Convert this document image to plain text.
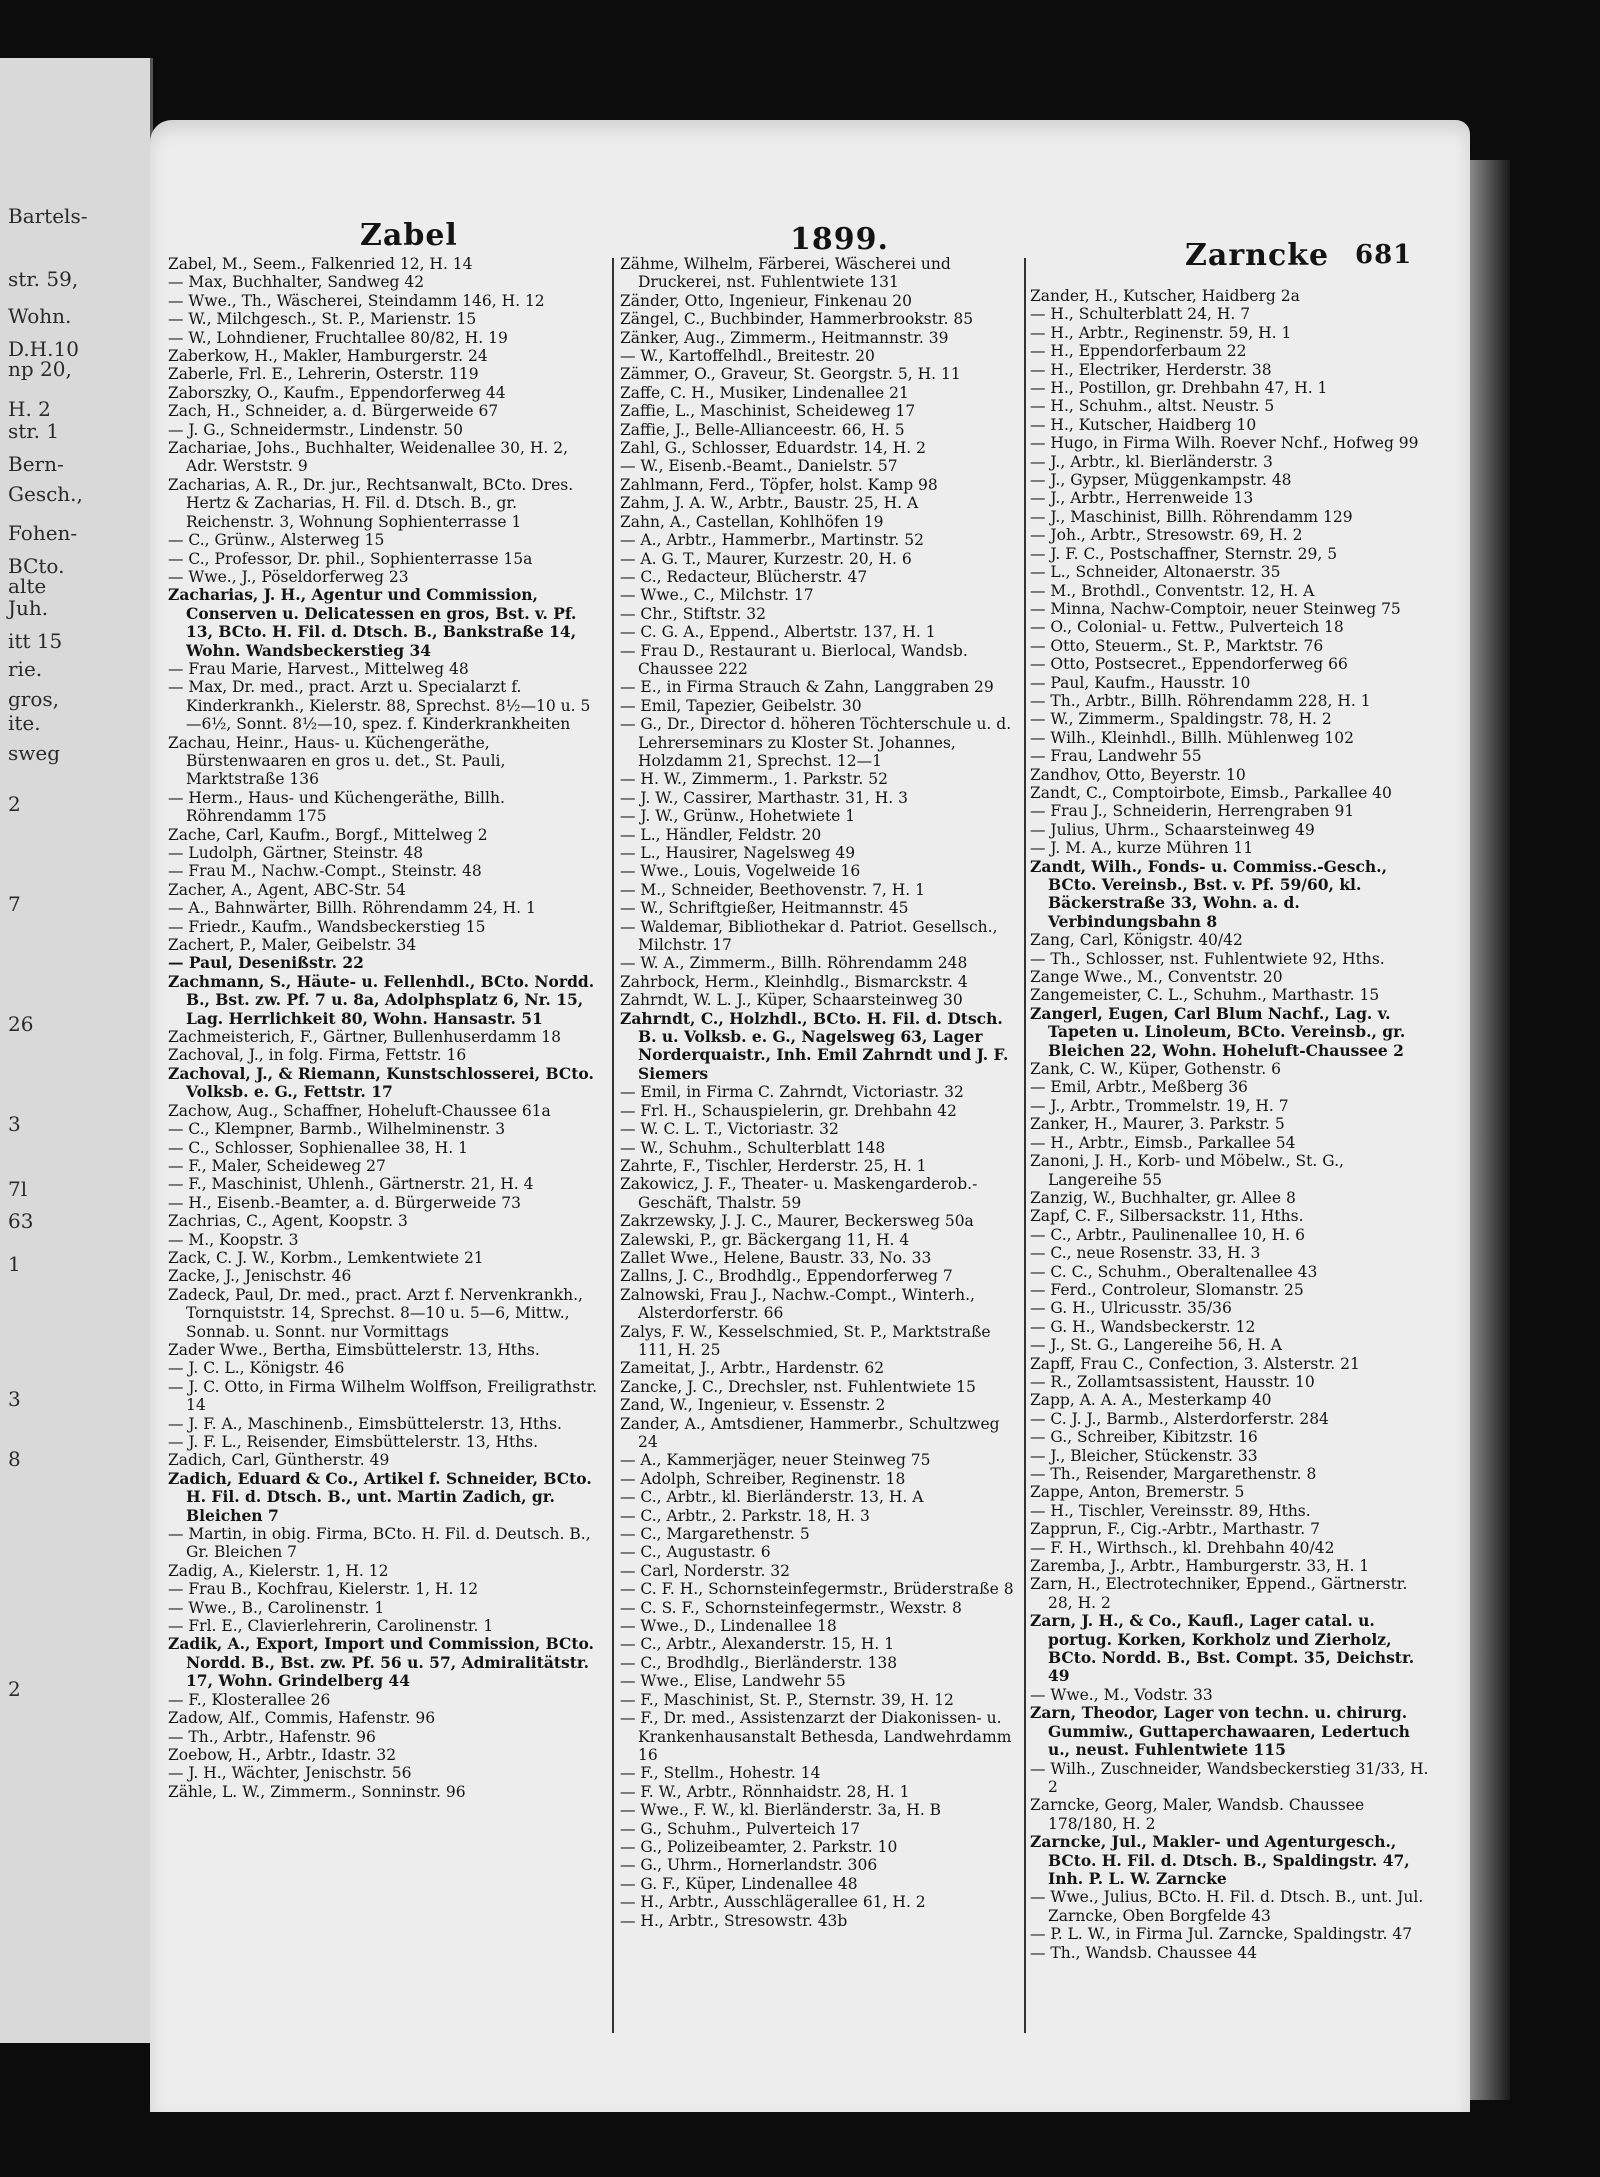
Bartels-
str. 59,
Wohn.
D.H.10
np 20,
H. 2
str. 1
Bern-
Gesch.,
Fohen-
BCto.
alte
Juh.
itt 15
rie.
gros,
ite.
sweg
2
7
26
3
7l
63
1
3
8
2
Zabel	1899.	Zarncke 681

Zabel, M., Seem., Falkenried 12, H. 14

— Max, Buchhalter, Sandweg 42

— Wwe., Th., Wäscherei, Steindamm 146, H. 12

— W., Milchgesch., St. P., Marienstr. 15

— W., Lohndiener, Fruchtallee 80/82, H. 19

Zaberkow, H., Makler, Hamburgerstr. 24

Zaberle, Frl. E., Lehrerin, Osterstr. 119

Zaborszky, O., Kaufm., Eppendorferweg 44

Zach, H., Schneider, a. d. Bürgerweide 67

— J. G., Schneidermstr., Lindenstr. 50

Zachariae, Johs., Buchhalter, Weidenallee 30, H. 2, Adr. Werststr. 9

Zacharias, A. R., Dr. jur., Rechtsanwalt, BCto. Dres. Hertz & Zacharias, H. Fil. d. Dtsch. B., gr. Reichenstr. 3, Wohnung Sophienterrasse 1

— C., Grünw., Alsterweg 15

— C., Professor, Dr. phil., Sophienterrasse 15a

— Wwe., J., Pöseldorferweg 23

Zacharias, J. H., Agentur und Commission, Conserven u. Delicatessen en gros, Bst. v. Pf. 13, BCto. H. Fil. d. Dtsch. B., Bankstraße 14, Wohn. Wandsbeckerstieg 34

— Frau Marie, Harvest., Mittelweg 48

— Max, Dr. med., pract. Arzt u. Specialarzt f. Kinderkrankh., Kielerstr. 88, Sprechst. 8½—10 u. 5—6½, Sonnt. 8½—10, spez. f. Kinderkrankheiten

Zachau, Heinr., Haus- u. Küchengeräthe, Bürstenwaaren en gros u. det., St. Pauli, Marktstraße 136

— Herm., Haus- und Küchengeräthe, Billh. Röhrendamm 175

Zache, Carl, Kaufm., Borgf., Mittelweg 2

— Ludolph, Gärtner, Steinstr. 48

— Frau M., Nachw.-Compt., Steinstr. 48

Zacher, A., Agent, ABC-Str. 54

— A., Bahnwärter, Billh. Röhrendamm 24, H. 1

— Friedr., Kaufm., Wandsbeckerstieg 15

Zachert, P., Maler, Geibelstr. 34

— Paul, Desenißstr. 22

Zachmann, S., Häute- u. Fellenhdl., BCto. Nordd. B., Bst. zw. Pf. 7 u. 8a, Adolphsplatz 6, Nr. 15, Lag. Herrlichkeit 80, Wohn. Hansastr. 51

Zachmeisterich, F., Gärtner, Bullenhuserdamm 18

Zachoval, J., in folg. Firma, Fettstr. 16

Zachoval, J., & Riemann, Kunstschlosserei, BCto. Volksb. e. G., Fettstr. 17

Zachow, Aug., Schaffner, Hoheluft-Chaussee 61a

— C., Klempner, Barmb., Wilhelminenstr. 3

— C., Schlosser, Sophienallee 38, H. 1

— F., Maler, Scheideweg 27

— F., Maschinist, Uhlenh., Gärtnerstr. 21, H. 4

— H., Eisenb.-Beamter, a. d. Bürgerweide 73

Zachrias, C., Agent, Koopstr. 3

— M., Koopstr. 3

Zack, C. J. W., Korbm., Lemkentwiete 21

Zacke, J., Jenischstr. 46

Zadeck, Paul, Dr. med., pract. Arzt f. Nervenkrankh., Tornquiststr. 14, Sprechst. 8—10 u. 5—6, Mittw., Sonnab. u. Sonnt. nur Vormittags

Zader Wwe., Bertha, Eimsbüttelerstr. 13, Hths.

— J. C. L., Königstr. 46

— J. C. Otto, in Firma Wilhelm Wolffson, Freiligrathstr. 14

— J. F. A., Maschinenb., Eimsbüttelerstr. 13, Hths.

— J. F. L., Reisender, Eimsbüttelerstr. 13, Hths.

Zadich, Carl, Güntherstr. 49

Zadich, Eduard & Co., Artikel f. Schneider, BCto. H. Fil. d. Dtsch. B., unt. Martin Zadich, gr. Bleichen 7

— Martin, in obig. Firma, BCto. H. Fil. d. Deutsch. B., Gr. Bleichen 7

Zadig, A., Kielerstr. 1, H. 12

— Frau B., Kochfrau, Kielerstr. 1, H. 12

— Wwe., B., Carolinenstr. 1

— Frl. E., Clavierlehrerin, Carolinenstr. 1

Zadik, A., Export, Import und Commission, BCto. Nordd. B., Bst. zw. Pf. 56 u. 57, Admiralitätstr. 17, Wohn. Grindelberg 44

— F., Klosterallee 26

Zadow, Alf., Commis, Hafenstr. 96

— Th., Arbtr., Hafenstr. 96

Zoebow, H., Arbtr., Idastr. 32

— J. H., Wächter, Jenischstr. 56

Zähle, L. W., Zimmerm., Sonninstr. 96

Zähme, Wilhelm, Färberei, Wäscherei und Druckerei, nst. Fuhlentwiete 131

Zänder, Otto, Ingenieur, Finkenau 20

Zängel, C., Buchbinder, Hammerbrookstr. 85

Zänker, Aug., Zimmerm., Heitmannstr. 39

— W., Kartoffelhdl., Breitestr. 20

Zämmer, O., Graveur, St. Georgstr. 5, H. 11

Zaffe, C. H., Musiker, Lindenallee 21

Zaffie, L., Maschinist, Scheideweg 17

Zaffie, J., Belle-Allianceestr. 66, H. 5

Zahl, G., Schlosser, Eduardstr. 14, H. 2

— W., Eisenb.-Beamt., Danielstr. 57

Zahlmann, Ferd., Töpfer, holst. Kamp 98

Zahm, J. A. W., Arbtr., Baustr. 25, H. A

Zahn, A., Castellan, Kohlhöfen 19

— A., Arbtr., Hammerbr., Martinstr. 52

— A. G. T., Maurer, Kurzestr. 20, H. 6

— C., Redacteur, Blücherstr. 47

— Wwe., C., Milchstr. 17

— Chr., Stiftstr. 32

— C. G. A., Eppend., Albertstr. 137, H. 1

— Frau D., Restaurant u. Bierlocal, Wandsb. Chaussee 222

— E., in Firma Strauch & Zahn, Langgraben 29

— Emil, Tapezier, Geibelstr. 30

— G., Dr., Director d. höheren Töchterschule u. d. Lehrerseminars zu Kloster St. Johannes, Holzdamm 21, Sprechst. 12—1

— H. W., Zimmerm., 1. Parkstr. 52

— J. W., Cassirer, Marthastr. 31, H. 3

— J. W., Grünw., Hohetwiete 1

— L., Händler, Feldstr. 20

— L., Hausirer, Nagelsweg 49

— Wwe., Louis, Vogelweide 16

— M., Schneider, Beethovenstr. 7, H. 1

— W., Schriftgießer, Heitmannstr. 45

— Waldemar, Bibliothekar d. Patriot. Gesellsch., Milchstr. 17

— W. A., Zimmerm., Billh. Röhrendamm 248

Zahrbock, Herm., Kleinhdlg., Bismarckstr. 4

Zahrndt, W. L. J., Küper, Schaarsteinweg 30

Zahrndt, C., Holzhdl., BCto. H. Fil. d. Dtsch. B. u. Volksb. e. G., Nagelsweg 63, Lager Norderquaistr., Inh. Emil Zahrndt und J. F. Siemers

— Emil, in Firma C. Zahrndt, Victoriastr. 32

— Frl. H., Schauspielerin, gr. Drehbahn 42

— W. C. L. T., Victoriastr. 32

— W., Schuhm., Schulterblatt 148

Zahrte, F., Tischler, Herderstr. 25, H. 1

Zakowicz, J. F., Theater- u. Maskengarderob.-Geschäft, Thalstr. 59

Zakrzewsky, J. J. C., Maurer, Beckersweg 50a

Zalewski, P., gr. Bäckergang 11, H. 4

Zallet Wwe., Helene, Baustr. 33, No. 33

Zallns, J. C., Brodhdlg., Eppendorferweg 7

Zalnowski, Frau J., Nachw.-Compt., Winterh., Alsterdorferstr. 66

Zalys, F. W., Kesselschmied, St. P., Marktstraße 111, H. 25

Zameitat, J., Arbtr., Hardenstr. 62

Zancke, J. C., Drechsler, nst. Fuhlentwiete 15

Zand, W., Ingenieur, v. Essenstr. 2

Zander, A., Amtsdiener, Hammerbr., Schultzweg 24

— A., Kammerjäger, neuer Steinweg 75

— Adolph, Schreiber, Reginenstr. 18

— C., Arbtr., kl. Bierländerstr. 13, H. A

— C., Arbtr., 2. Parkstr. 18, H. 3

— C., Margarethenstr. 5

— C., Augustastr. 6

— Carl, Norderstr. 32

— C. F. H., Schornsteinfegermstr., Brüderstraße 8

— C. S. F., Schornsteinfegermstr., Wexstr. 8

— Wwe., D., Lindenallee 18

— C., Arbtr., Alexanderstr. 15, H. 1

— C., Brodhdlg., Bierländerstr. 138

— Wwe., Elise, Landwehr 55

— F., Maschinist, St. P., Sternstr. 39, H. 12

— F., Dr. med., Assistenzarzt der Diakonissen- u. Krankenhausanstalt Bethesda, Landwehrdamm 16

— F., Stellm., Hohestr. 14

— F. W., Arbtr., Rönnhaidstr. 28, H. 1

— Wwe., F. W., kl. Bierländerstr. 3a, H. B

— G., Schuhm., Pulverteich 17

— G., Polizeibeamter, 2. Parkstr. 10

— G., Uhrm., Hornerlandstr. 306

— G. F., Küper, Lindenallee 48

— H., Arbtr., Ausschlägerallee 61, H. 2

— H., Arbtr., Stresowstr. 43b

Zander, H., Kutscher, Haidberg 2a

— H., Schulterblatt 24, H. 7

— H., Arbtr., Reginenstr. 59, H. 1

— H., Eppendorferbaum 22

— H., Electriker, Herderstr. 38

— H., Postillon, gr. Drehbahn 47, H. 1

— H., Schuhm., altst. Neustr. 5

— H., Kutscher, Haidberg 10

— Hugo, in Firma Wilh. Roever Nchf., Hofweg 99

— J., Arbtr., kl. Bierländerstr. 3

— J., Gypser, Müggenkampstr. 48

— J., Arbtr., Herrenweide 13

— J., Maschinist, Billh. Röhrendamm 129

— Joh., Arbtr., Stresowstr. 69, H. 2

— J. F. C., Postschaffner, Sternstr. 29, 5

— L., Schneider, Altonaerstr. 35

— M., Brothdl., Conventstr. 12, H. A

— Minna, Nachw-Comptoir, neuer Steinweg 75

— O., Colonial- u. Fettw., Pulverteich 18

— Otto, Steuerm., St. P., Marktstr. 76

— Otto, Postsecret., Eppendorferweg 66

— Paul, Kaufm., Hausstr. 10

— Th., Arbtr., Billh. Röhrendamm 228, H. 1

— W., Zimmerm., Spaldingstr. 78, H. 2

— Wilh., Kleinhdl., Billh. Mühlenweg 102

— Frau, Landwehr 55

Zandhov, Otto, Beyerstr. 10

Zandt, C., Comptoirbote, Eimsb., Parkallee 40

— Frau J., Schneiderin, Herrengraben 91

— Julius, Uhrm., Schaarsteinweg 49

— J. M. A., kurze Mühren 11

Zandt, Wilh., Fonds- u. Commiss.-Gesch., BCto. Vereinsb., Bst. v. Pf. 59/60, kl. Bäckerstraße 33, Wohn. a. d. Verbindungsbahn 8

Zang, Carl, Königstr. 40/42

— Th., Schlosser, nst. Fuhlentwiete 92, Hths.

Zange Wwe., M., Conventstr. 20

Zangemeister, C. L., Schuhm., Marthastr. 15

Zangerl, Eugen, Carl Blum Nachf., Lag. v. Tapeten u. Linoleum, BCto. Vereinsb., gr. Bleichen 22, Wohn. Hoheluft-Chaussee 2

Zank, C. W., Küper, Gothenstr. 6

— Emil, Arbtr., Meßberg 36

— J., Arbtr., Trommelstr. 19, H. 7

Zanker, H., Maurer, 3. Parkstr. 5

— H., Arbtr., Eimsb., Parkallee 54

Zanoni, J. H., Korb- und Möbelw., St. G., Langereihe 55

Zanzig, W., Buchhalter, gr. Allee 8

Zapf, C. F., Silbersackstr. 11, Hths.

— C., Arbtr., Paulinenallee 10, H. 6

— C., neue Rosenstr. 33, H. 3

— C. C., Schuhm., Oberaltenallee 43

— Ferd., Controleur, Slomanstr. 25

— G. H., Ulricusstr. 35/36

— G. H., Wandsbeckerstr. 12

— J., St. G., Langereihe 56, H. A

Zapff, Frau C., Confection, 3. Alsterstr. 21

— R., Zollamtsassistent, Hausstr. 10

Zapp, A. A. A., Mesterkamp 40

— C. J. J., Barmb., Alsterdorferstr. 284

— G., Schreiber, Kibitzstr. 16

— J., Bleicher, Stückenstr. 33

— Th., Reisender, Margarethenstr. 8

Zappe, Anton, Bremerstr. 5

— H., Tischler, Vereinsstr. 89, Hths.

Zapprun, F., Cig.-Arbtr., Marthastr. 7

— F. H., Wirthsch., kl. Drehbahn 40/42

Zaremba, J., Arbtr., Hamburgerstr. 33, H. 1

Zarn, H., Electrotechniker, Eppend., Gärtnerstr. 28, H. 2

Zarn, J. H., & Co., Kaufl., Lager catal. u. portug. Korken, Korkholz und Zierholz, BCto. Nordd. B., Bst. Compt. 35, Deichstr. 49

— Wwe., M., Vodstr. 33

Zarn, Theodor, Lager von techn. u. chirurg. Gummiw., Guttaperchawaaren, Ledertuch u., neust. Fuhlentwiete 115

— Wilh., Zuschneider, Wandsbeckerstieg 31/33, H. 2

Zarncke, Georg, Maler, Wandsb. Chaussee 178/180, H. 2

Zarncke, Jul., Makler- und Agenturgesch., BCto. H. Fil. d. Dtsch. B., Spaldingstr. 47, Inh. P. L. W. Zarncke

— Wwe., Julius, BCto. H. Fil. d. Dtsch. B., unt. Jul. Zarncke, Oben Borgfelde 43

— P. L. W., in Firma Jul. Zarncke, Spaldingstr. 47

— Th., Wandsb. Chaussee 44
